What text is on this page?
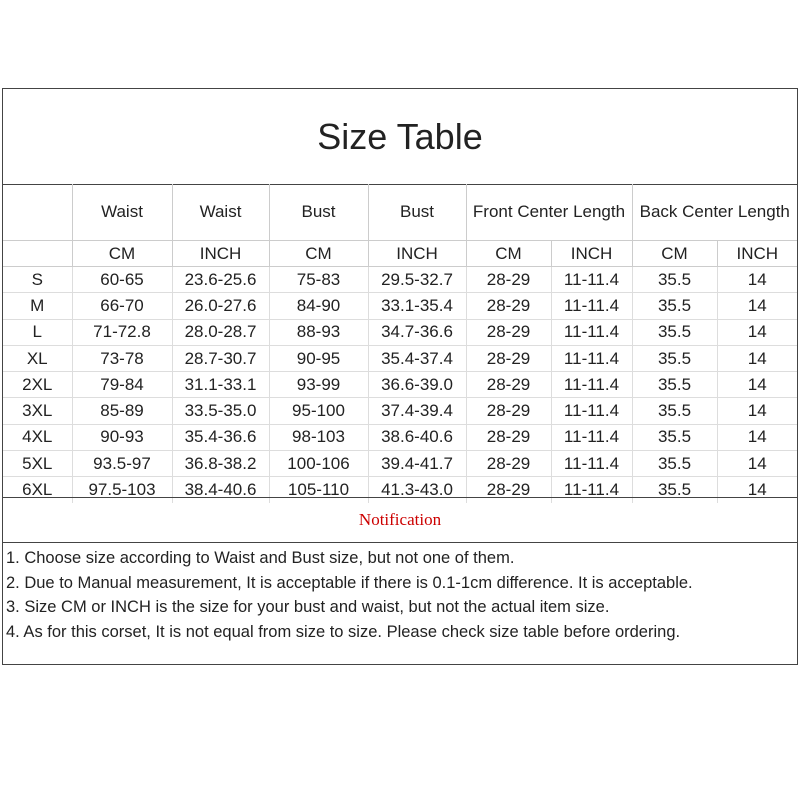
Size Table
	Waist	Waist	Bust	Bust	Front Center Length		Back Center Length	
	CM	INCH	CM	INCH	CM	INCH	CM	INCH
S	60-65	23.6-25.6	75-83	29.5-32.7	28-29	11-11.4	35.5	14
M	66-70	26.0-27.6	84-90	33.1-35.4	28-29	11-11.4	35.5	14
L	71-72.8	28.0-28.7	88-93	34.7-36.6	28-29	11-11.4	35.5	14
XL	73-78	28.7-30.7	90-95	35.4-37.4	28-29	11-11.4	35.5	14
2XL	79-84	31.1-33.1	93-99	36.6-39.0	28-29	11-11.4	35.5	14
3XL	85-89	33.5-35.0	95-100	37.4-39.4	28-29	11-11.4	35.5	14
4XL	90-93	35.4-36.6	98-103	38.6-40.6	28-29	11-11.4	35.5	14
5XL	93.5-97	36.8-38.2	100-106	39.4-41.7	28-29	11-11.4	35.5	14
6XL	97.5-103	38.4-40.6	105-110	41.3-43.0	28-29	11-11.4	35.5	14
Notification
1. Choose size according to Waist and Bust size, but not one of them.
2. Due to Manual measurement, It is acceptable if there is 0.1-1cm difference. It is acceptable.
3. Size CM or INCH is the size for your bust and waist, but not the actual item size.
4. As for this corset, It is not equal from size to size. Please check size table before ordering.
